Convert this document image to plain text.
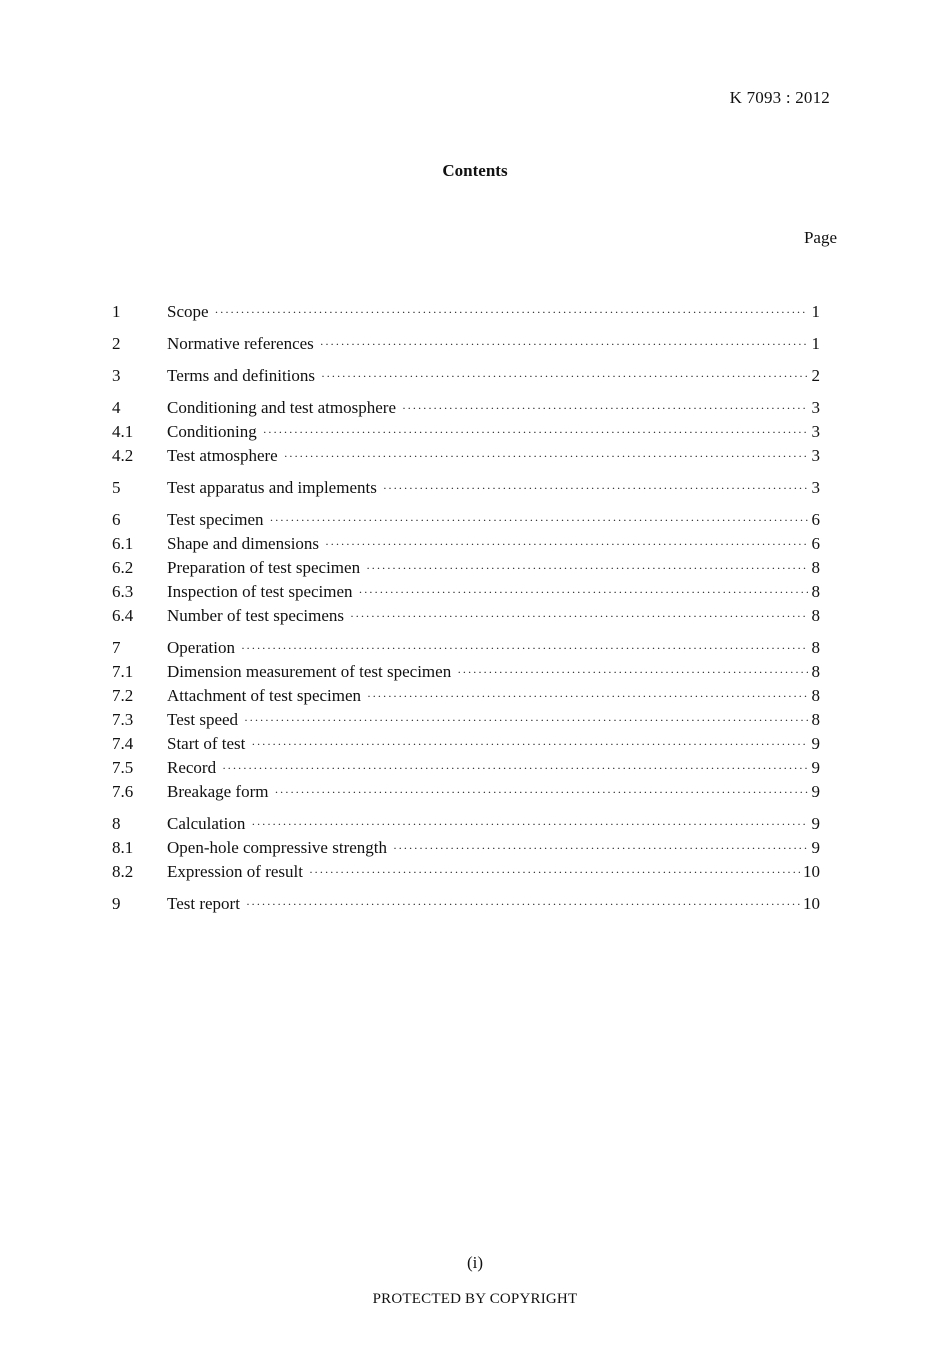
K 7093 : 2012
Contents
Page
1	Scope ·····	1
2	Normative references ·····	1
3	Terms and definitions ·····	2
4	Conditioning and test atmosphere ·····	3
4.1	Conditioning ·····	3
4.2	Test atmosphere ·····	3
5	Test apparatus and implements ·····	3
6	Test specimen ·····	6
6.1	Shape and dimensions ·····	6
6.2	Preparation of test specimen ·····	8
6.3	Inspection of test specimen ·····	8
6.4	Number of test specimens ·····	8
7	Operation ·····	8
7.1	Dimension measurement of test specimen ·····	8
7.2	Attachment of test specimen ·····	8
7.3	Test speed ·····	8
7.4	Start of test ·····	9
7.5	Record ·····	9
7.6	Breakage form ·····	9
8	Calculation ·····	9
8.1	Open-hole compressive strength ·····	9
8.2	Expression of result ·····	10
9	Test report ·····	10
(i)
PROTECTED BY COPYRIGHT
